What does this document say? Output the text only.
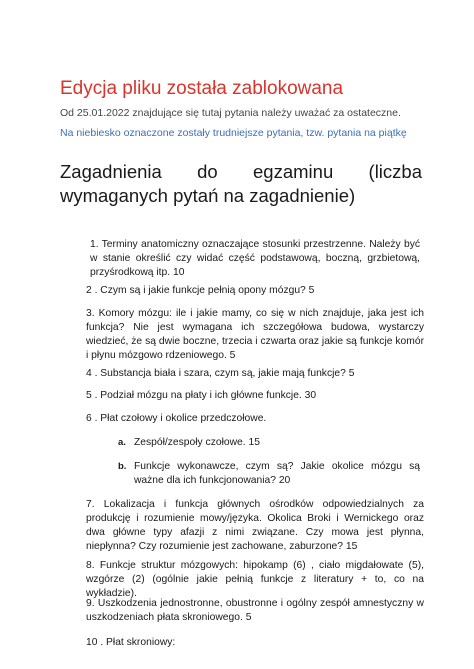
Edycja pliku została zablokowana

Od 25.01.2022 znajdujące się tutaj pytania należy uważać za ostateczne.

Na niebiesko oznaczone zostały trudniejsze pytania, tzw. pytania na piątkę

Zagadnienia do egzaminu (liczba wymaganych pytań na zagadnienie)

1. Terminy anatomiczny oznaczające stosunki przestrzenne. Należy być w stanie określić czy widać część podstawową, boczną, grzbietową, przyśrodkową itp. 10

2 . Czym są i jakie funkcje pełnią opony mózgu? 5

3. Komory mózgu: ile i jakie mamy, co się w nich znajduje, jaka jest ich funkcja? Nie jest wymagana ich szczegółowa budowa, wystarczy wiedzieć, że są dwie boczne, trzecia i czwarta oraz jakie są funkcje komór i płynu mózgowo rdzeniowego. 5

4 . Substancja biała i szara, czym są, jakie mają funkcje? 5

5 . Podział mózgu na płaty i ich główne funkcje. 30

6 . Płat czołowy i okolice przedczołowe.

a. Zespół/zespoły czołowe. 15

b. Funkcje wykonawcze, czym są? Jakie okolice mózgu są ważne dla ich funkcjonowania? 20

7. Lokalizacja i funkcja głównych ośrodków odpowiedzialnych za produkcję i rozumienie mowy/języka. Okolica Broki i Wernickego oraz dwa główne typy afazji z nimi związane. Czy mowa jest płynna, niepłynna? Czy rozumienie jest zachowane, zaburzone? 15

8. Funkcje struktur mózgowych: hipokamp (6) , ciało migdałowate (5), wzgórze (2) (ogólnie jakie pełnią funkcje z literatury + to, co na wykładzie).

9. Uszkodzenia jednostronne, obustronne i ogólny zespół amnestyczny w uszkodzeniach płata skroniowego. 5

10 . Płat skroniowy:
